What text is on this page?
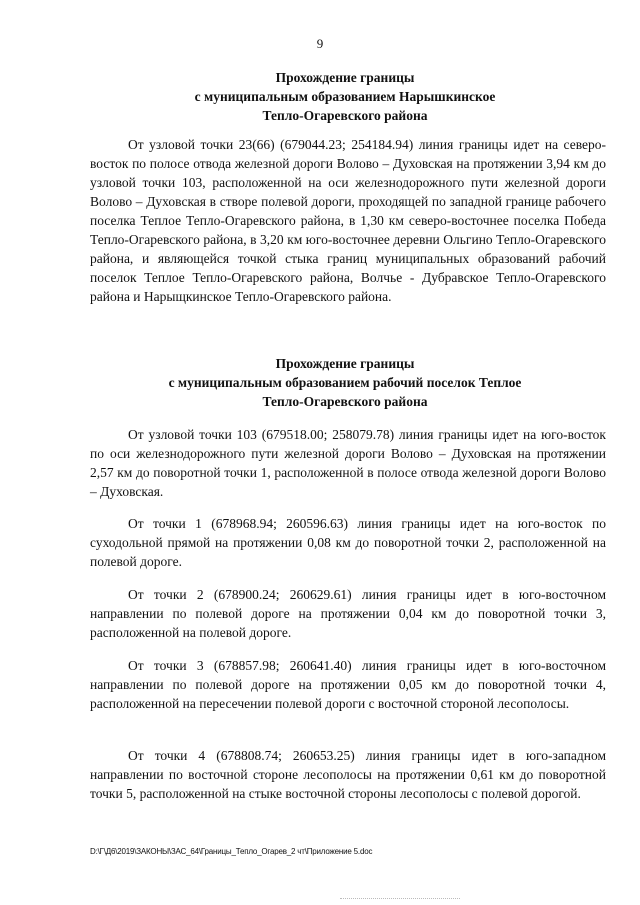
9
Прохождение границы
с муниципальным образованием Нарышкинское
Тепло-Огаревского района

От узловой точки 23(66) (679044.23; 254184.94) линия границы идет на северо-восток по полосе отвода железной дороги Волово – Духовская на протяжении 3,94 км до узловой точки 103, расположенной на оси железнодорожного пути железной дороги Волово – Духовская в створе полевой дороги, проходящей по западной границе рабочего поселка Теплое Тепло-Огаревского района, в 1,30 км северо-восточнее поселка Победа Тепло-Огаревского района, в 3,20 км юго-восточнее деревни Ольгино Тепло-Огаревского района, и являющейся точкой стыка границ муниципальных образований рабочий поселок Теплое Тепло-Огаревского района, Волчье - Дубравское Тепло-Огаревского района и Нарыщкинское Тепло-Огаревского района.

Прохождение границы
с муниципальным образованием рабочий поселок Теплое
Тепло-Огаревского района

От узловой точки 103 (679518.00; 258079.78) линия границы идет на юго-восток по оси железнодорожного пути железной дороги Волово – Духовская на протяжении 2,57 км до поворотной точки 1, расположенной в полосе отвода железной дороги Волово – Духовская.

От точки 1 (678968.94; 260596.63) линия границы идет на юго-восток по суходольной прямой на протяжении 0,08 км до поворотной точки 2, расположенной на полевой дороге.

От точки 2 (678900.24; 260629.61) линия границы идет в юго-восточном направлении по полевой дороге на протяжении 0,04 км до поворотной точки 3, расположенной на полевой дороге.

От точки 3 (678857.98; 260641.40) линия границы идет в юго-восточном направлении по полевой дороге на протяжении 0,05 км до поворотной точки 4, расположенной на пересечении полевой дороги с восточной стороной лесополосы.

От точки 4 (678808.74; 260653.25) линия границы идет в юго-западном направлении по восточной стороне лесополосы на протяжении 0,61 км до поворотной точки 5, расположенной на стыке восточной стороны лесополосы с полевой дорогой.

D:\Г\Д6\2019\ЗАКОНЫ\ЗАС_64\Границы_Тепло_Огарев_2 чт\Приложение 5.doc
